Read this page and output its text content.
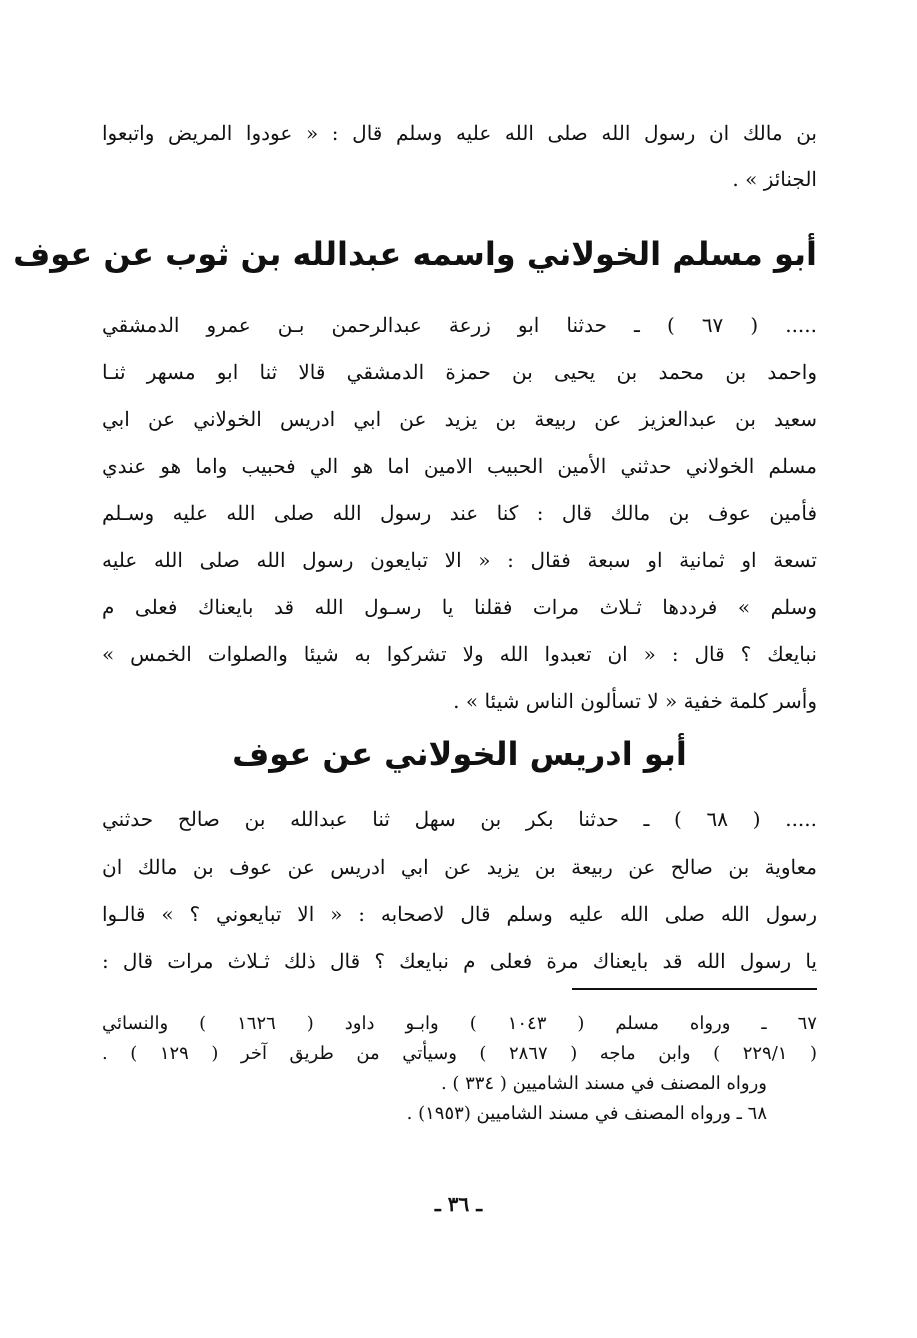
بن مالك ان رسول الله صلى الله عليه وسلم قال : « عودوا المريض واتبعوا
الجنائز » .
أبو مسلم الخولاني واسمه عبدالله بن ثوب عن عوف
..... ( ٦٧ ) ـ حدثنا ابو زرعة عبدالرحمن بـن عمرو الدمشقي
واحمد بن محمد بن يحيى بن حمزة الدمشقي قالا ثنا ابو مسهر ثنـا
سعيد بن عبدالعزيز عن ربيعة بن يزيد عن ابي ادريس الخولاني عن ابي
مسلم الخولاني حدثني الأمين الحبيب الامين اما هو الي فحبيب واما هو عندي
فأمين عوف بن مالك قال : كنا عند رسول الله صلى الله عليه وسـلم
تسعة او ثمانية او سبعة فقال : « الا تبايعون رسول الله صلى الله عليه
وسلم » فرددها ثـلاث مرات فقلنا يا رسـول الله قد بايعناك فعلى م
نبايعك ؟ قال : « ان تعبدوا الله ولا تشركوا به شيئا والصلوات الخمس »
وأسر كلمة خفية « لا تسألون الناس شيئا » .
أبو ادريس الخولاني عن عوف
..... ( ٦٨ ) ـ حدثنا بكر بن سهل ثنا عبدالله بن صالح حدثني
معاوية بن صالح عن ربيعة بن يزيد عن ابي ادريس عن عوف بن مالك ان
رسول الله صلى الله عليه وسلم قال لاصحابه : « الا تبايعوني ؟ » قالـوا
يا رسول الله قد بايعناك مرة فعلى م نبايعك ؟ قال ذلك ثـلاث مرات قال :
٦٧ ـ ورواه مسلم ( ١٠٤٣ ) وابـو داود ( ١٦٢٦ ) والنسائي
( ٢٢٩/١ ) وابن ماجه ( ٢٨٦٧ ) وسيأتي من طريق آخر ( ١٢٩ ) .
ورواه المصنف في مسند الشاميين ( ٣٣٤ ) .
٦٨ ـ ورواه المصنف في مسند الشاميين (١٩٥٣) .
ـ ٣٦ ـ
